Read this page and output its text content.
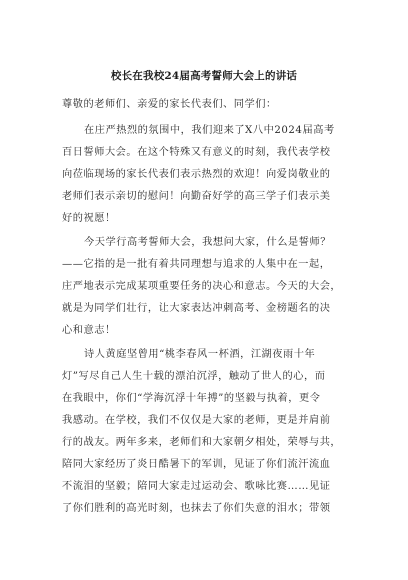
校长在我校24届高考誓师大会上的讲话
尊敬的老师们、亲爱的家长代表们、同学们：
在庄严热烈的氛围中，我们迎来了X八中2024届高考
百日誓师大会。在这个特殊又有意义的时刻，我代表学校
向莅临现场的家长代表们表示热烈的欢迎！向爱岗敬业的
老师们表示亲切的慰问！向勤奋好学的高三学子们表示美
好的祝愿！
今天学行高考誓师大会，我想问大家，什么是誓师？
——它指的是一批有着共同理想与追求的人集中在一起，
庄严地表示完成某项重要任务的决心和意志。今天的大会，
就是为同学们壮行，让大家表达冲刺高考、金榜题名的决
心和意志！
诗人黄庭坚曾用“桃李春风一杯酒，江湖夜雨十年
灯”写尽自己人生十载的漂泊沉浮，触动了世人的心，而
在我眼中，你们“学海沉浮十年搏”的坚毅与执着，更令
我感动。在学校，我们不仅仅是大家的老师，更是并肩前
行的战友。两年多来，老师们和大家朝夕相处，荣辱与共，
陪同大家经历了炎日酷暑下的军训，见证了你们流汗流血
不流泪的坚毅；陪同大家走过运动会、歌咏比赛……见证
了你们胜利的高光时刻，也抹去了你们失意的泪水；带领
